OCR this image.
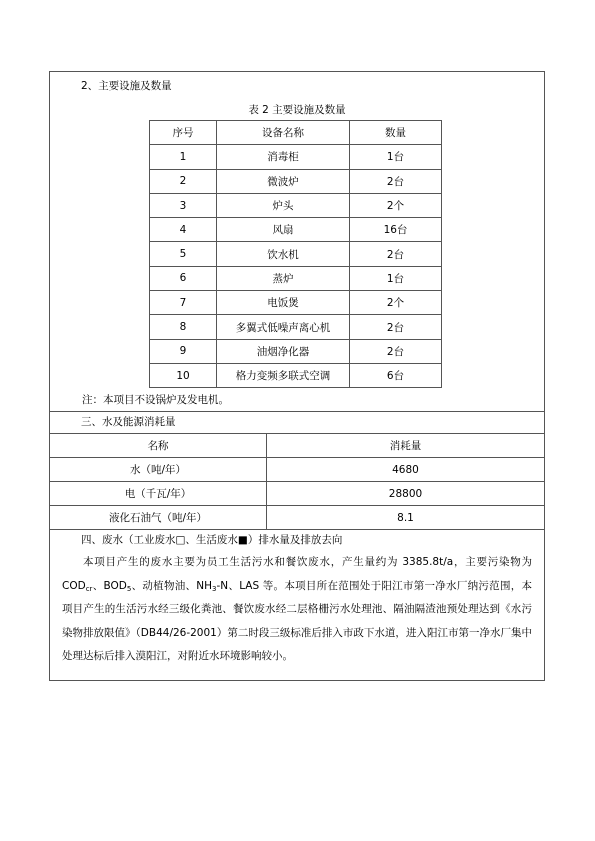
2、主要设施及数量
表 2 主要设施及数量
序号	设备名称	数量
1	消毒柜	1台
2	微波炉	2台
3	炉头	2个
4	风扇	16台
5	饮水机	2台
6	蒸炉	1台
7	电饭煲	2个
8	多翼式低噪声离心机	2台
9	油烟净化器	2台
10	格力变频多联式空调	6台
注：本项目不设锅炉及发电机。
三、水及能源消耗量
名称	消耗量
水（吨/年）	4680
电（千瓦/年）	28800
液化石油气（吨/年）	8.1
四、废水（工业废水□、生活废水■）排水量及排放去向
本项目产生的废水主要为员工生活污水和餐饮废水，产生量约为 3385.8t/a，主要污染物为 $COD_{cr}$、$BOD_5$、动植物油、$NH_3-N$、LAS 等。本项目所在范围处于阳江市第一净水厂纳污范围，本项目产生的生活污水经三级化粪池、餐饮废水经二层格栅污水处理池、隔油隔渣池预处理达到《水污染物排放限值》（DB44/26-2001）第二时段三级标准后排入市政下水道，进入阳江市第一净水厂集中处理达标后排入漠阳江，对附近水环境影响较小。
